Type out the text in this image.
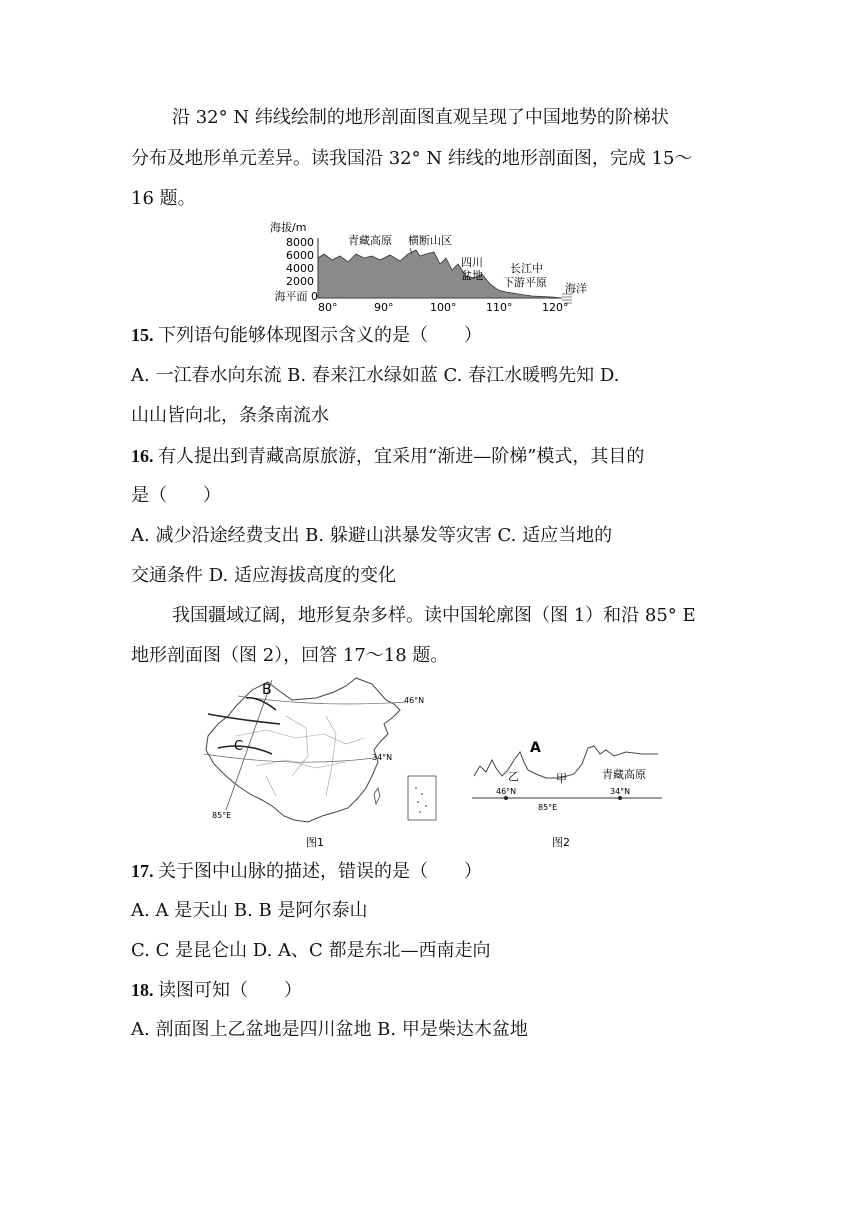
沿 32° N 纬线绘制的地形剖面图直观呈现了中国地势的阶梯状
分布及地形单元差异。读我国沿 32° N 纬线的地形剖面图，完成 15～
16 题。
海拔/m
8000
6000
4000
2000
海平面 0
青藏高原 横断山区
四川
盆地
长江中
下游平原 海洋
80°	90°	100°	110°	120°
15. 下列语句能够体现图示含义的是（　　）
A. 一江春水向东流 B. 春来江水绿如蓝 C. 春江水暖鸭先知 D.
山山皆向北，条条南流水
16. 有人提出到青藏高原旅游，宜采用“渐进—阶梯”模式，其目的
是（　　）
A. 减少沿途经费支出 B. 躲避山洪暴发等灾害 C. 适应当地的
交通条件 D. 适应海拔高度的变化
我国疆域辽阔，地形复杂多样。读中国轮廓图（图 1）和沿 85° E
地形剖面图（图 2），回答 17～18 题。
46°N
34°N
85°E
B
C
图1
A
乙	甲	青藏高原
46°N	34°N
85°E
图2
17. 关于图中山脉的描述，错误的是（　　）
A. A 是天山 B. B 是阿尔泰山
C. C 是昆仑山 D. A、C 都是东北—西南走向
18. 读图可知（　　）
A. 剖面图上乙盆地是四川盆地 B. 甲是柴达木盆地
